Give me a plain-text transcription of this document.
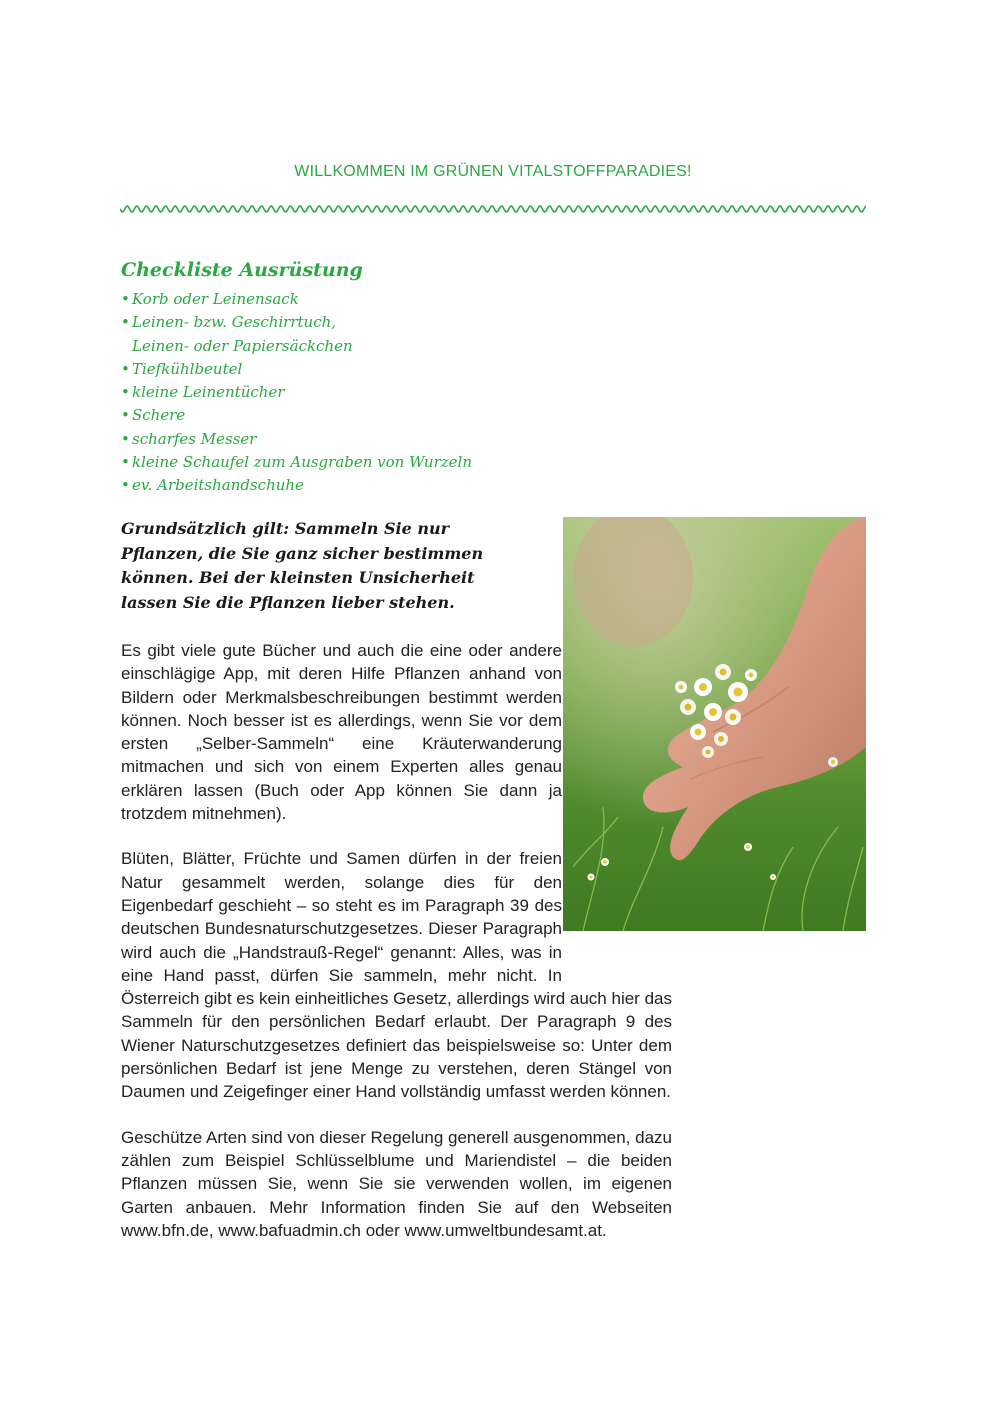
WILLKOMMEN IM GRÜNEN VITALSTOFFPARADIES!
Checkliste Ausrüstung
• Korb oder Leinensack
• Leinen- bzw. Geschirrtuch,
Leinen- oder Papiersäckchen
• Tiefkühlbeutel
• kleine Leinentücher
• Schere
• scharfes Messer
• kleine Schaufel zum Ausgraben von Wurzeln
• ev. Arbeitshandschuhe

Grundsätzlich gilt: Sammeln Sie nur Pflanzen, die Sie ganz sicher bestimmen können. Bei der kleinsten Unsicherheit lassen Sie die Pflanzen lieber stehen.

Es gibt viele gute Bücher und auch die eine oder andere einschlägige App, mit deren Hilfe Pflanzen anhand von Bildern oder Merkmalsbeschreibungen bestimmt werden können. Noch besser ist es allerdings, wenn Sie vor dem ersten „Selber-Sammeln“ eine Kräuterwanderung mitmachen und sich von einem Experten alles genau erklären lassen (Buch oder App können Sie dann ja trotzdem mitnehmen).

Blüten, Blätter, Früchte und Samen dürfen in der freien Natur gesammelt werden, solange dies für den Eigenbedarf geschieht – so steht es im Paragraph 39 des deutschen Bundesnaturschutzgesetzes. Dieser Paragraph wird auch die „Handstrauß-Regel“ genannt: Alles, was in eine Hand passt, dürfen Sie sammeln, mehr nicht. In Österreich gibt es kein einheitliches Gesetz, allerdings wird auch hier das Sammeln für den persönlichen Bedarf erlaubt. Der Paragraph 9 des Wiener Naturschutzgesetzes definiert das beispielsweise so: Unter dem persönlichen Bedarf ist jene Menge zu verstehen, deren Stängel von Daumen und Zeigefinger einer Hand vollständig umfasst werden können.

Geschütze Arten sind von dieser Regelung generell ausgenommen, dazu zählen zum Beispiel Schlüsselblume und Mariendistel – die beiden Pflanzen müssen Sie, wenn Sie sie verwenden wollen, im eigenen Garten anbauen. Mehr Information finden Sie auf den Webseiten www.bfn.de, www.bafuadmin.ch oder www.umweltbundesamt.at.
